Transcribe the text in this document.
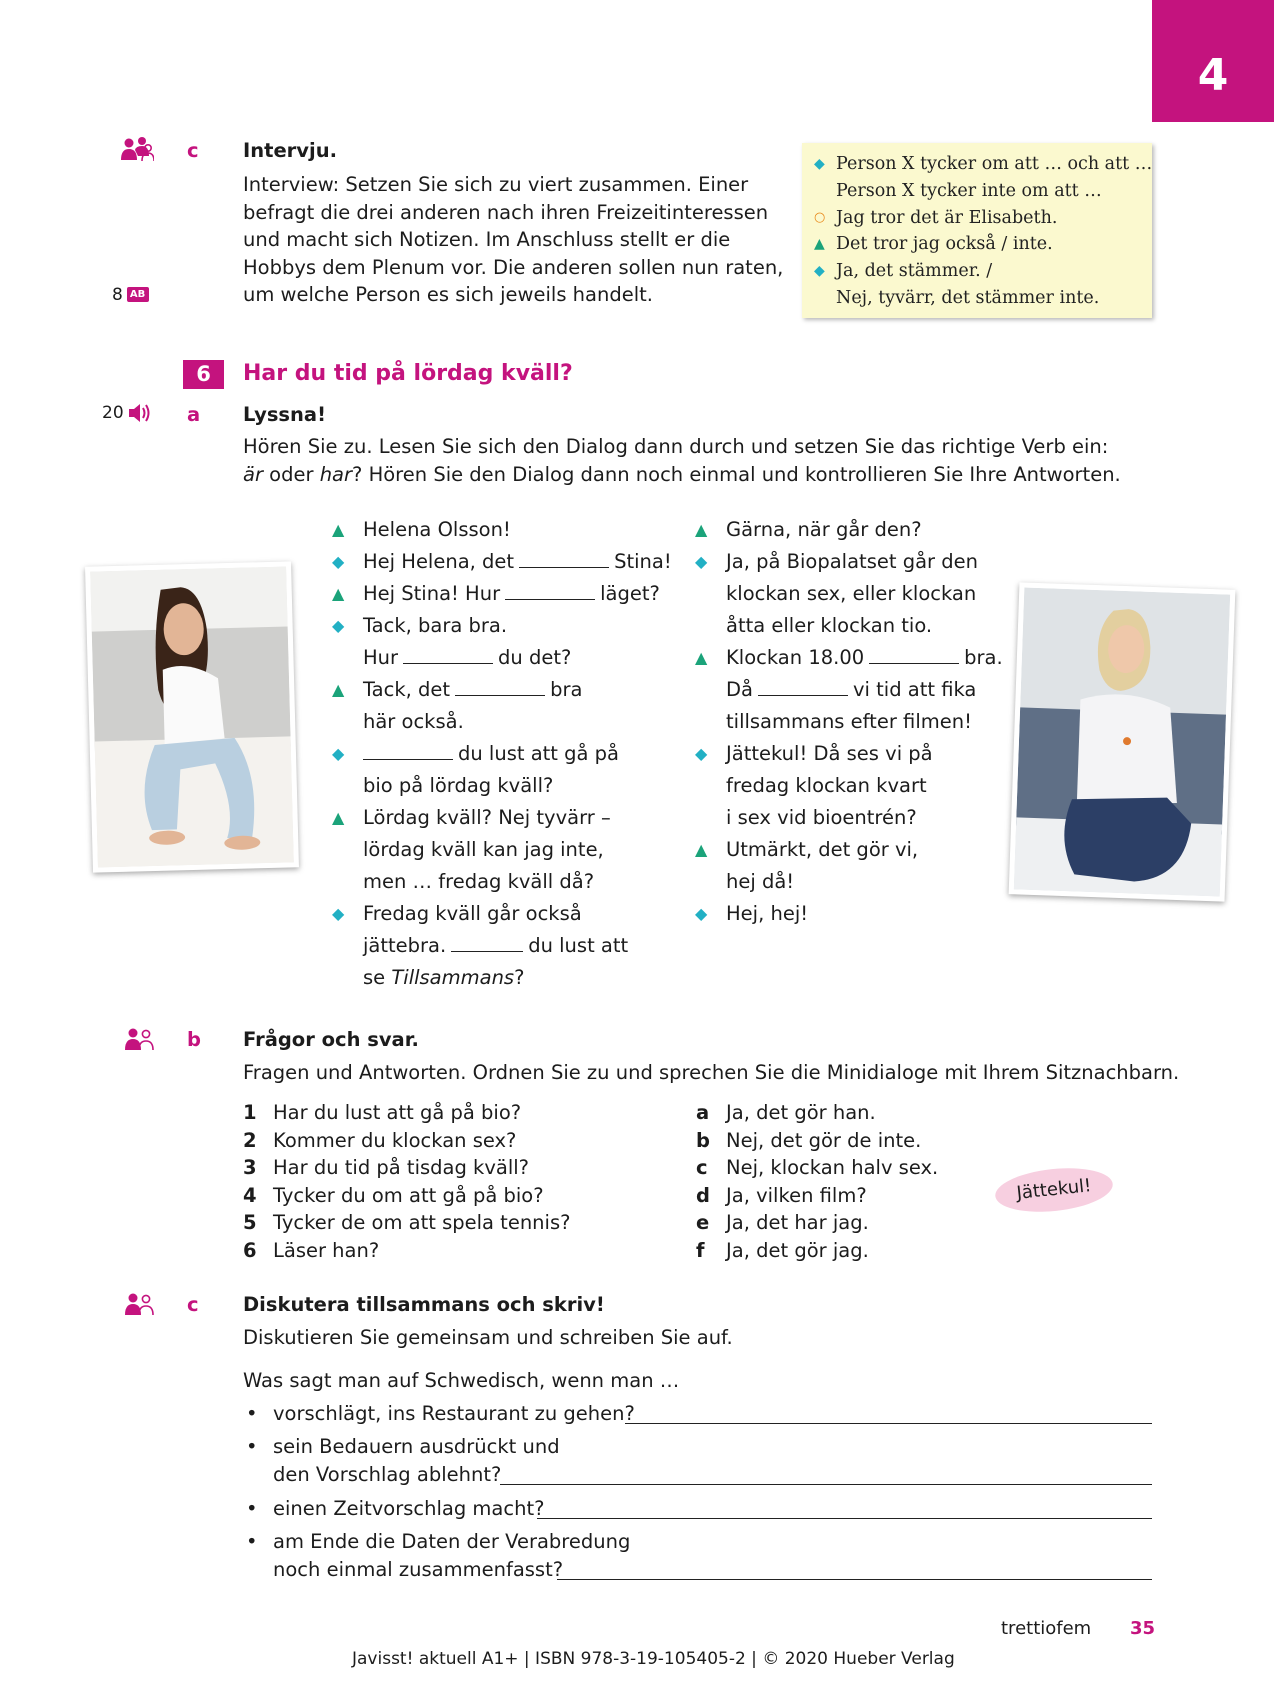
4
c Intervju.
Interview: Setzen Sie sich zu viert zusammen. Einer
befragt die drei anderen nach ihren Freizeitinteressen
und macht sich Notizen. Im Anschluss stellt er die
Hobbys dem Plenum vor. Die anderen sollen nun raten,
um welche Person es sich jeweils handelt.
8 AB
◆ Person X tycker om att … och att …
Person X tycker inte om att …
○ Jag tror det är Elisabeth.
▲ Det tror jag också / inte.
◆ Ja, det stämmer. /
Nej, tyvärr, det stämmer inte.
6	Har du tid på lördag kväll?
20	a Lyssna!
Hören Sie zu. Lesen Sie sich den Dialog dann durch und setzen Sie das richtige Verb ein:
är oder har? Hören Sie den Dialog dann noch einmal und kontrollieren Sie Ihre Antworten.
▲ Helena Olsson!
◆ Hej Helena, det	Stina!
▲ Hej Stina! Hur	läget?
◆ Tack, bara bra.
Hur	du det?
▲ Tack, det	bra
här också.
◆	du lust att gå på
bio på lördag kväll?
▲ Lördag kväll? Nej tyvärr –
lördag kväll kan jag inte,
men … fredag kväll då?
◆ Fredag kväll går också
jättebra.	du lust att
se Tillsammans?
▲ Gärna, när går den?
◆ Ja, på Biopalatset går den
klockan sex, eller klockan
åtta eller klockan tio.
▲ Klockan 18.00	bra.
Då	vi tid att fika
tillsammans efter filmen!
◆ Jättekul! Då ses vi på
fredag klockan kvart
i sex vid bioentrén?
▲ Utmärkt, det gör vi,
hej då!
◆ Hej, hej!
b Frågor och svar.
Fragen und Antworten. Ordnen Sie zu und sprechen Sie die Minidialoge mit Ihrem Sitznachbarn.
1 Har du lust att gå på bio?
2 Kommer du klockan sex?
3 Har du tid på tisdag kväll?
4 Tycker du om att gå på bio?
5 Tycker de om att spela tennis?
6 Läser han?
a Ja, det gör han.
b Nej, det gör de inte.
c Nej, klockan halv sex.
d Ja, vilken film?
e Ja, det har jag.
f Ja, det gör jag.
Jättekul!
c Diskutera tillsammans och skriv!
Diskutieren Sie gemeinsam und schreiben Sie auf.
Was sagt man auf Schwedisch, wenn man …
• vorschlägt, ins Restaurant zu gehen?
• sein Bedauern ausdrückt und
den Vorschlag ablehnt?
• einen Zeitvorschlag macht?
• am Ende die Daten der Verabredung
noch einmal zusammenfasst?
trettiofem 35
Javisst! aktuell A1+ | ISBN 978-3-19-105405-2 | © 2020 Hueber Verlag
